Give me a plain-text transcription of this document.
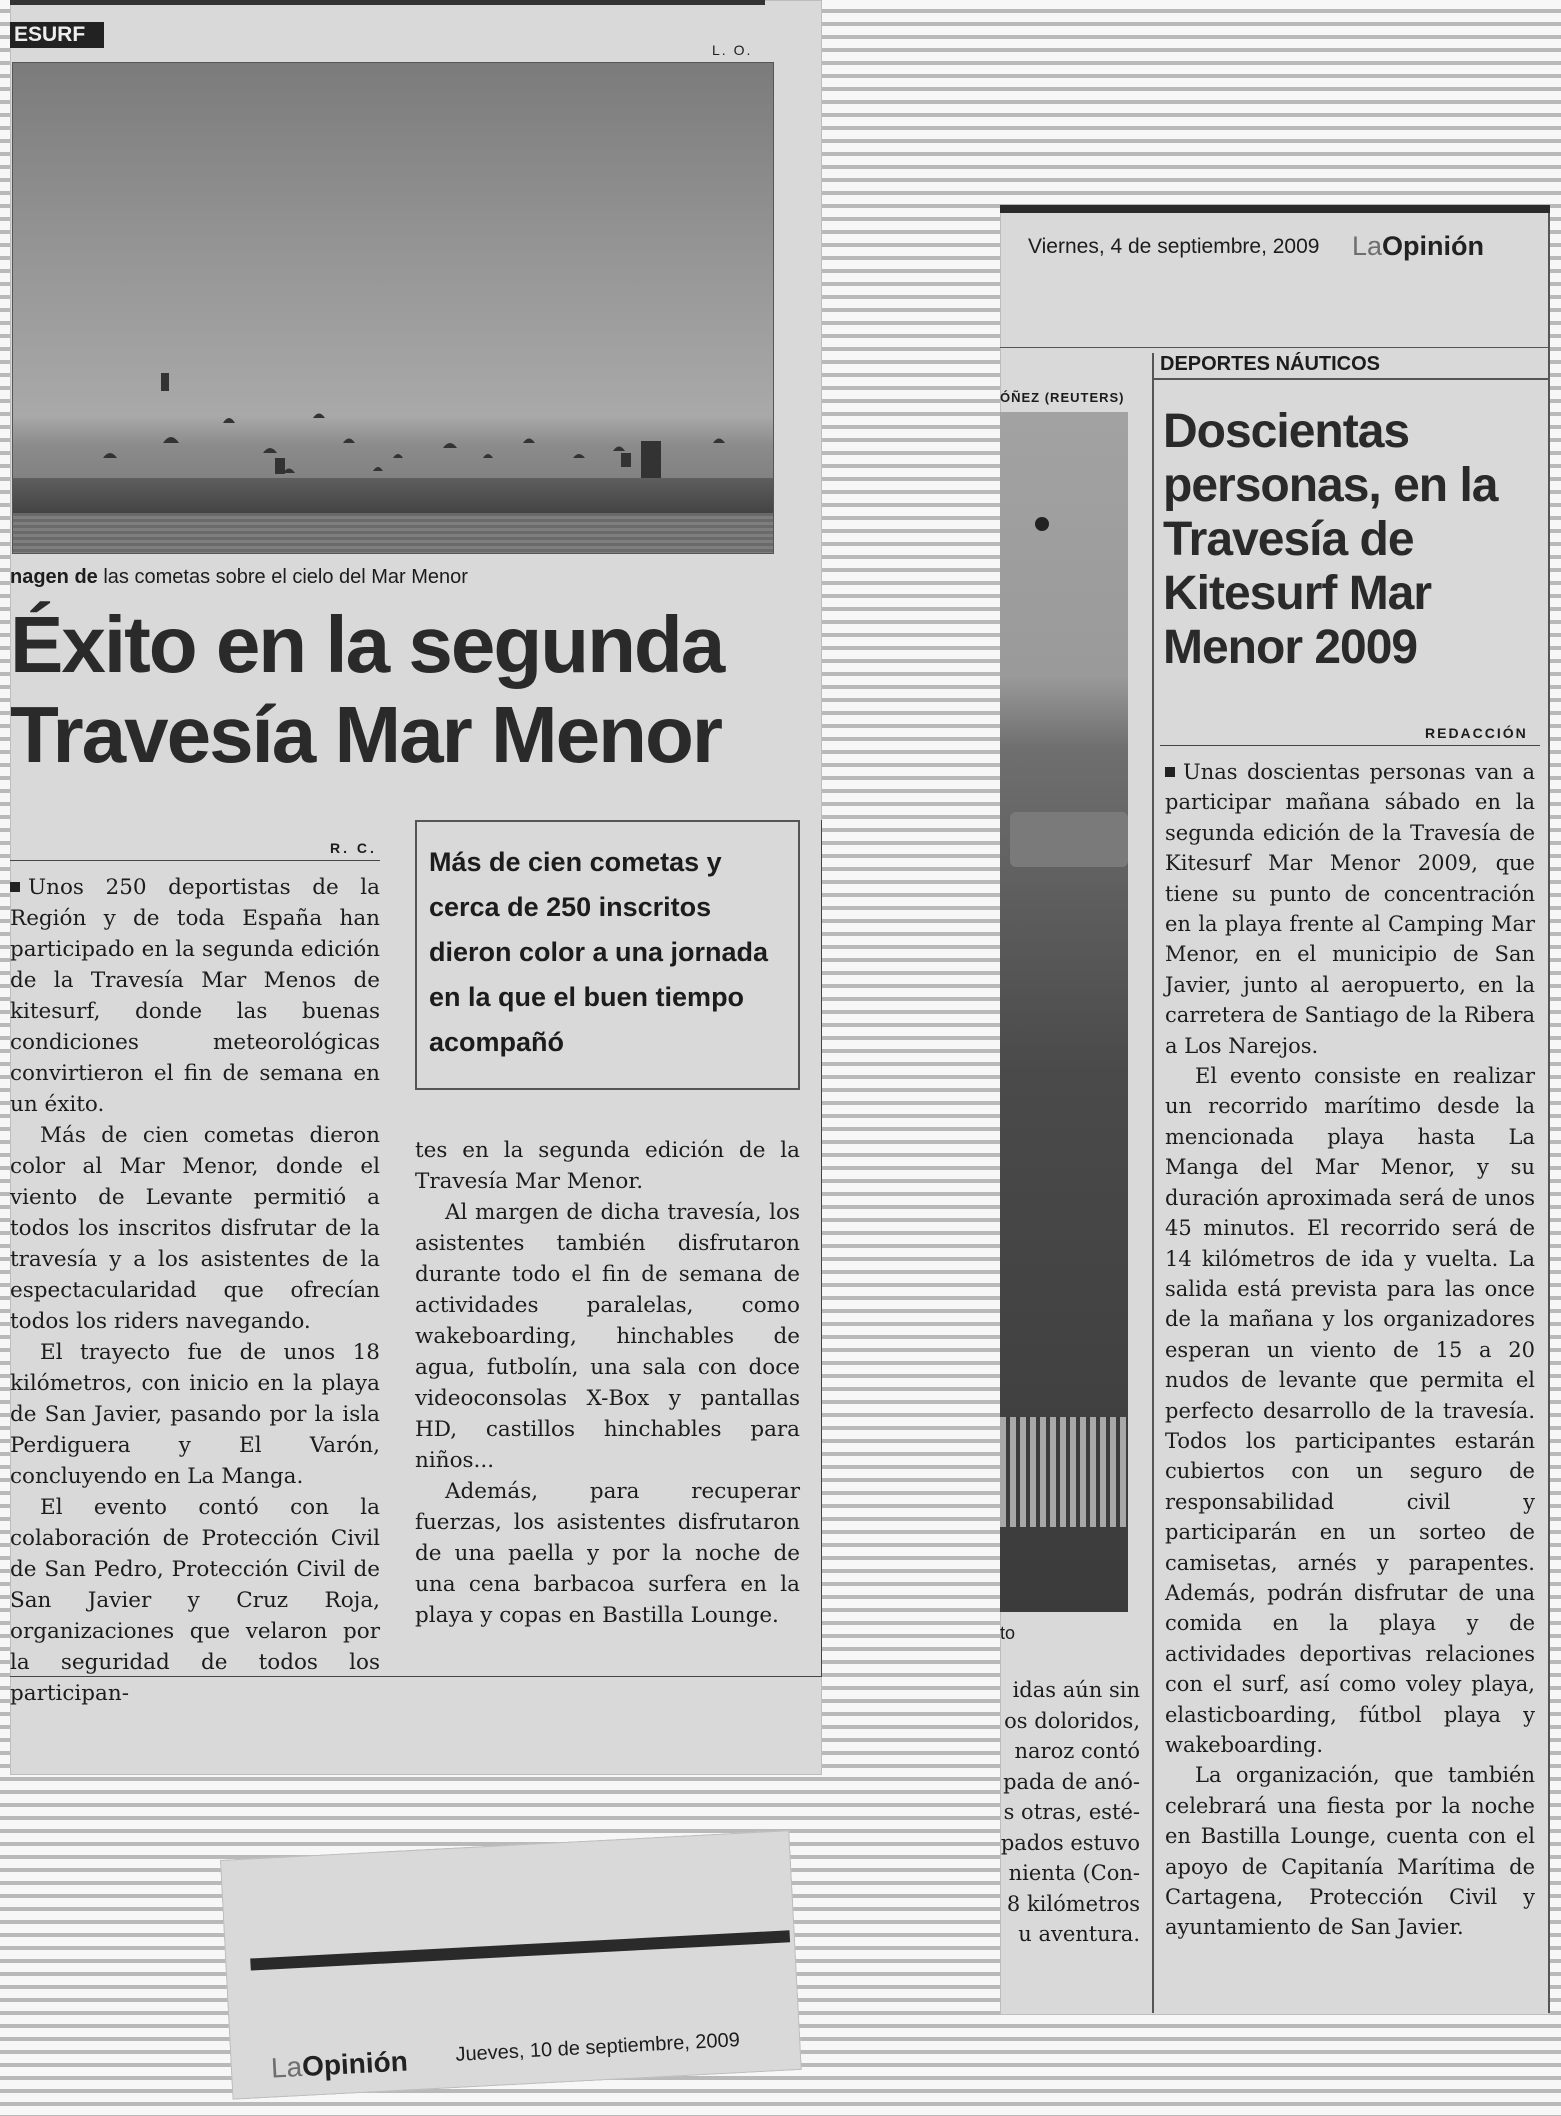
ESURF
L. O.
nagen de las cometas sobre el cielo del Mar Menor
Éxito en la segunda
Travesía Mar Menor
R. C.

Unos 250 deportistas de la Región y de toda España han participado en la segunda edición de la Travesía Mar Menos de kitesurf, donde las buenas condiciones meteorológicas convirtieron el fin de semana en un éxito.

Más de cien cometas dieron color al Mar Menor, donde el viento de Levante permitió a todos los inscritos disfrutar de la travesía y a los asistentes de la espectacularidad que ofrecían todos los riders navegando.

El trayecto fue de unos 18 kilómetros, con inicio en la playa de San Javier, pasando por la isla Perdiguera y El Varón, concluyendo en La Manga.

El evento contó con la colaboración de Protección Civil de San Pedro, Protección Civil de San Javier y Cruz Roja, organizaciones que velaron por la seguridad de todos los participan-

Más de cien cometas y cerca de 250 inscritos dieron color a una jornada en la que el buen tiempo acompañó

tes en la segunda edición de la Travesía Mar Menor.

Al margen de dicha travesía, los asistentes también disfrutaron durante todo el fin de semana de actividades paralelas, como wakeboarding, hinchables de agua, futbolín, una sala con doce videoconsolas X-Box y pantallas HD, castillos hinchables para niños...

Además, para recuperar fuerzas, los asistentes disfrutaron de una paella y por la noche de una cena barbacoa surfera en la playa y copas en Bastilla Lounge.

LaOpinión Jueves, 10 de septiembre, 2009
Viernes, 4 de septiembre, 2009 LaOpinión
DEPORTES NÁUTICOS
ÓÑEZ (REUTERS)
to
idas aún sin
os doloridos,
naroz contó
pada de anó-
s otras, esté-
pados estuvo
nienta (Con-
8 kilómetros
u aventura.
Doscientas personas, en la Travesía de Kitesurf Mar Menor 2009
REDACCIÓN

Unas doscientas personas van a participar mañana sábado en la segunda edición de la Travesía de Kitesurf Mar Menor 2009, que tiene su punto de concentración en la playa frente al Camping Mar Menor, en el municipio de San Javier, junto al aeropuerto, en la carretera de Santiago de la Ribera a Los Narejos.

El evento consiste en realizar un recorrido marítimo desde la mencionada playa hasta La Manga del Mar Menor, y su duración aproximada será de unos 45 minutos. El recorrido será de 14 kilómetros de ida y vuelta. La salida está prevista para las once de la mañana y los organizadores esperan un viento de 15 a 20 nudos de levante que permita el perfecto desarrollo de la travesía. Todos los participantes estarán cubiertos con un seguro de responsabilidad civil y participarán en un sorteo de camisetas, arnés y parapentes. Además, podrán disfrutar de una comida en la playa y de actividades deportivas relaciones con el surf, así como voley playa, elasticboarding, fútbol playa y wakeboarding.

La organización, que también celebrará una fiesta por la noche en Bastilla Lounge, cuenta con el apoyo de Capitanía Marítima de Cartagena, Protección Civil y ayuntamiento de San Javier.
